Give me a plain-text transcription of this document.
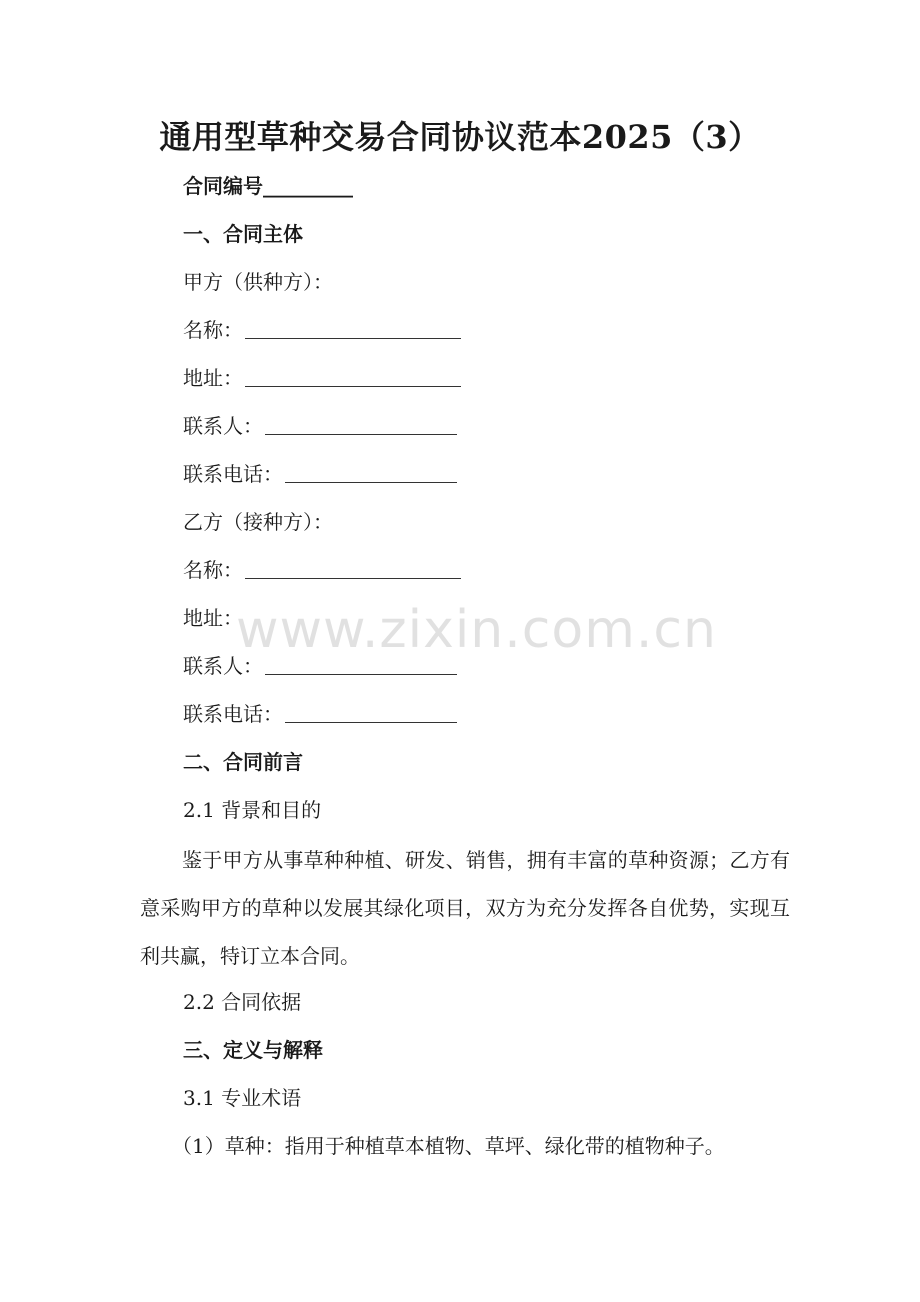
通用型草种交易合同协议范本2025（3）
合同编号_________
一、合同主体
甲方（供种方）：
名称：
地址：
联系人：
联系电话：
乙方（接种方）：
名称：
地址：
联系人：
联系电话：
二、合同前言
2.1 背景和目的
鉴于甲方从事草种种植、研发、销售，拥有丰富的草种资源；乙方有意采购甲方的草种以发展其绿化项目，双方为充分发挥各自优势，实现互利共赢，特订立本合同。
2.2 合同依据
三、定义与解释
3.1 专业术语
（1）草种：指用于种植草本植物、草坪、绿化带的植物种子。
www.zixin.com.cn
